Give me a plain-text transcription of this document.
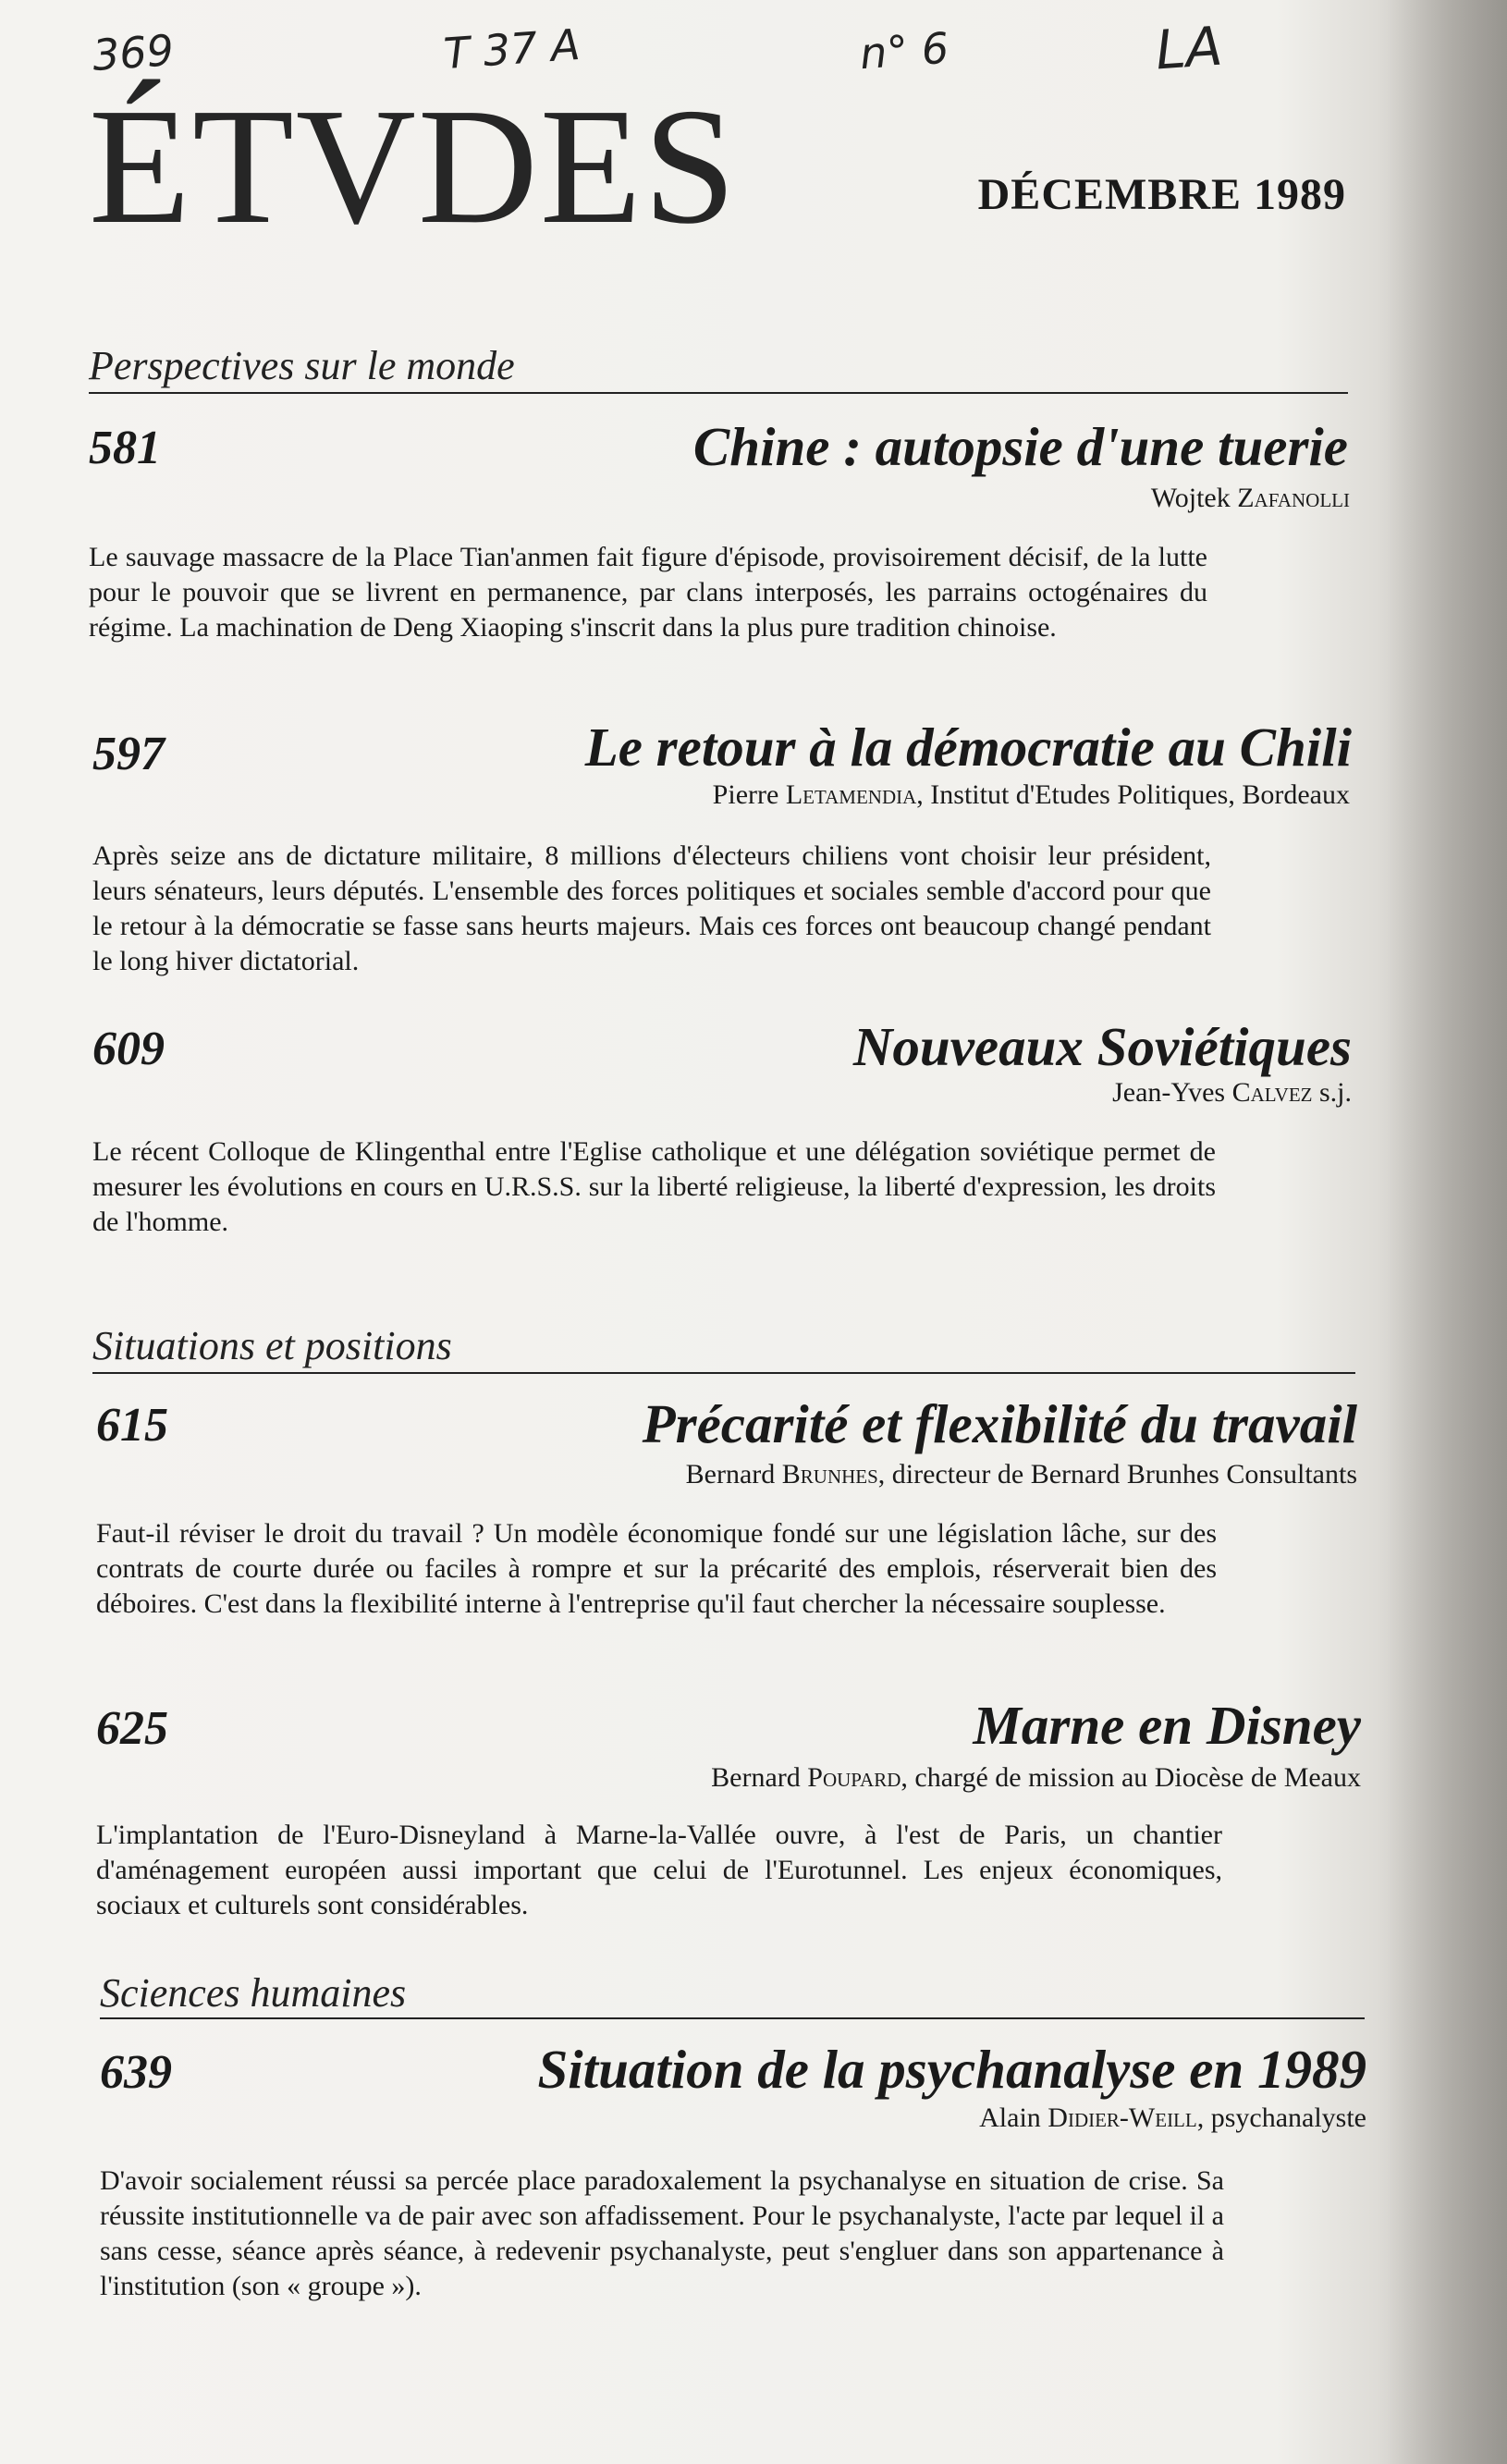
369	T 37 A	n° 6	LA
ÉTVDES	DÉCEMBRE 1989
Perspectives sur le monde
581	Chine : autopsie d'une tuerie
Wojtek Zafanolli
Le sauvage massacre de la Place Tian'anmen fait figure d'épisode, provisoirement décisif, de la lutte pour le pouvoir que se livrent en permanence, par clans interposés, les parrains octogénaires du régime. La machination de Deng Xiaoping s'inscrit dans la plus pure tradition chinoise.
597	Le retour à la démocratie au Chili
Pierre Letamendia, Institut d'Etudes Politiques, Bordeaux
Après seize ans de dictature militaire, 8 millions d'électeurs chiliens vont choisir leur président, leurs sénateurs, leurs députés. L'ensemble des forces politiques et sociales semble d'accord pour que le retour à la démocratie se fasse sans heurts majeurs. Mais ces forces ont beaucoup changé pendant le long hiver dictatorial.
609	Nouveaux Soviétiques
Jean-Yves Calvez s.j.
Le récent Colloque de Klingenthal entre l'Eglise catholique et une délégation soviétique permet de mesurer les évolutions en cours en U.R.S.S. sur la liberté religieuse, la liberté d'expression, les droits de l'homme.
Situations et positions
615	Précarité et flexibilité du travail
Bernard Brunhes, directeur de Bernard Brunhes Consultants
Faut-il réviser le droit du travail ? Un modèle économique fondé sur une législation lâche, sur des contrats de courte durée ou faciles à rompre et sur la précarité des emplois, réserverait bien des déboires. C'est dans la flexibilité interne à l'entreprise qu'il faut chercher la nécessaire souplesse.
625	Marne en Disney
Bernard Poupard, chargé de mission au Diocèse de Meaux
L'implantation de l'Euro-Disneyland à Marne-la-Vallée ouvre, à l'est de Paris, un chantier d'aménagement européen aussi important que celui de l'Eurotunnel. Les enjeux économiques, sociaux et culturels sont considérables.
Sciences humaines
639	Situation de la psychanalyse en 1989
Alain Didier-Weill, psychanalyste
D'avoir socialement réussi sa percée place paradoxalement la psychanalyse en situation de crise. Sa réussite institutionnelle va de pair avec son affadissement. Pour le psychanalyste, l'acte par lequel il a sans cesse, séance après séance, à redevenir psychanalyste, peut s'engluer dans son appartenance à l'institution (son « groupe »).
